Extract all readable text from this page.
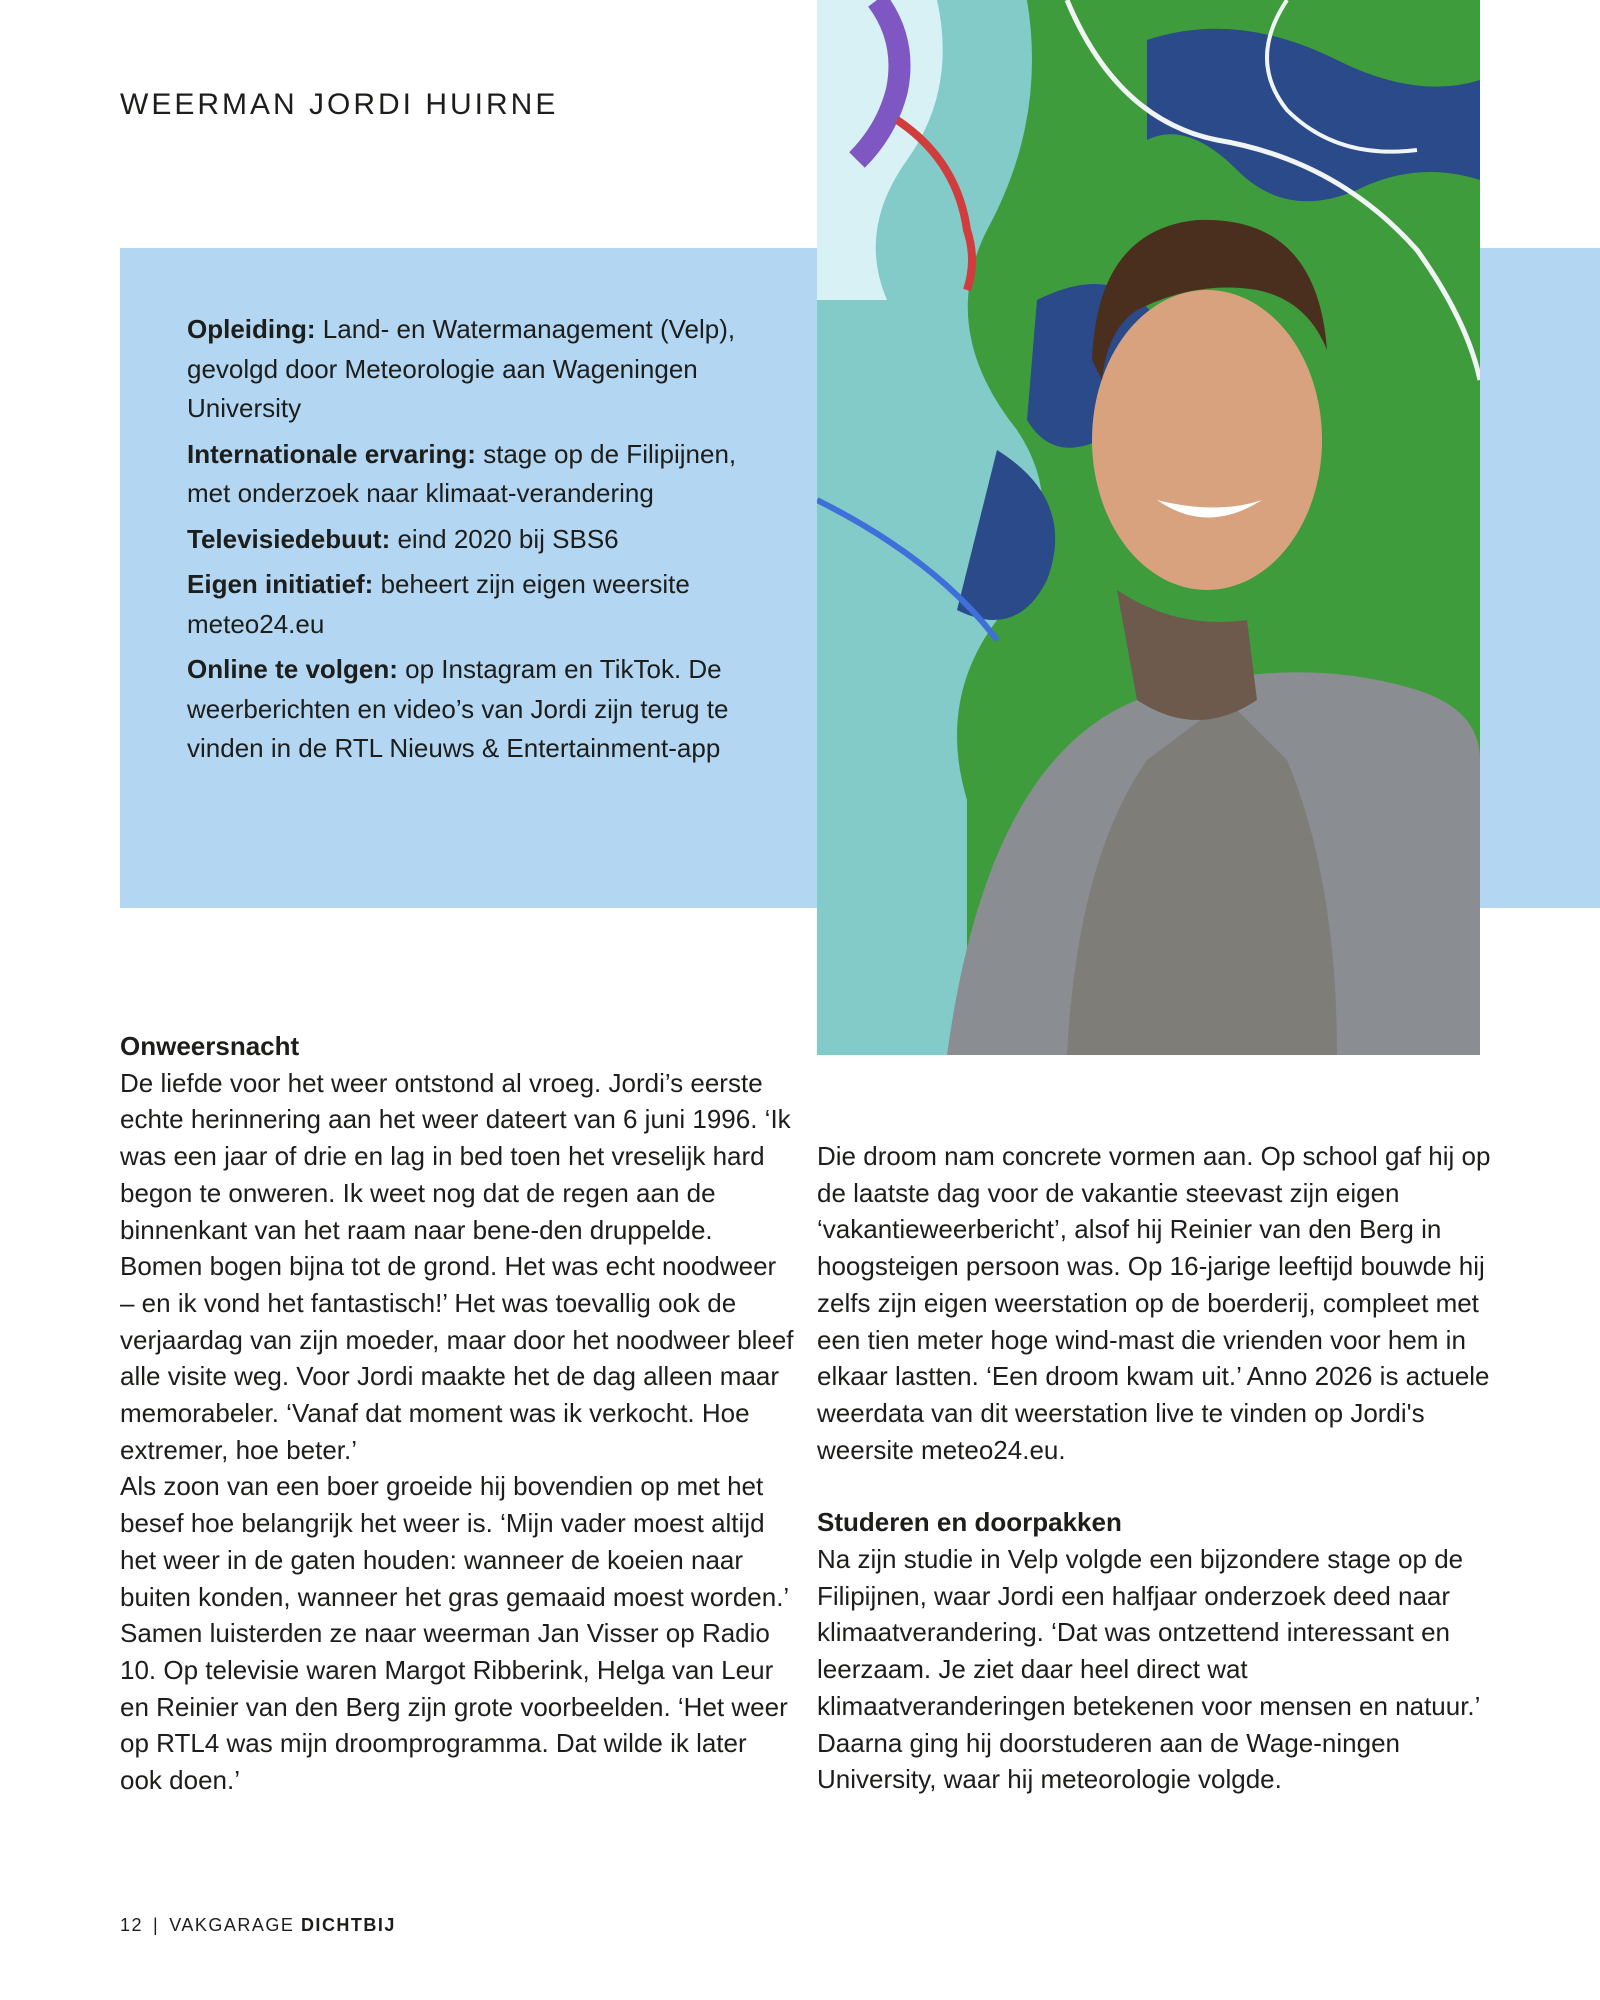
WEERMAN JORDI HUIRNE
Opleiding: Land- en Watermanagement (Velp), gevolgd door Meteorologie aan Wageningen University
Internationale ervaring: stage op de Filipijnen, met onderzoek naar klimaat-verandering
Televisiedebuut: eind 2020 bij SBS6
Eigen initiatief: beheert zijn eigen weersite meteo24.eu
Online te volgen: op Instagram en TikTok. De weerberichten en video’s van Jordi zijn terug te vinden in de RTL Nieuws & Entertainment-app
Onweersnacht

De liefde voor het weer ontstond al vroeg. Jordi’s eerste echte herinnering aan het weer dateert van 6 juni 1996. ‘Ik was een jaar of drie en lag in bed toen het vreselijk hard begon te onweren. Ik weet nog dat de regen aan de binnenkant van het raam naar bene-den druppelde. Bomen bogen bijna tot de grond. Het was echt noodweer – en ik vond het fantastisch!’ Het was toevallig ook de verjaardag van zijn moeder, maar door het noodweer bleef alle visite weg. Voor Jordi maakte het de dag alleen maar memorabeler. ‘Vanaf dat moment was ik verkocht. Hoe extremer, hoe beter.’

Als zoon van een boer groeide hij bovendien op met het besef hoe belangrijk het weer is. ‘Mijn vader moest altijd het weer in de gaten houden: wanneer de koeien naar buiten konden, wanneer het gras gemaaid moest worden.’ Samen luisterden ze naar weerman Jan Visser op Radio 10. Op televisie waren Margot Ribberink, Helga van Leur en Reinier van den Berg zijn grote voorbeelden. ‘Het weer op RTL4 was mijn droomprogramma. Dat wilde ik later ook doen.’

Die droom nam concrete vormen aan. Op school gaf hij op de laatste dag voor de vakantie steevast zijn eigen ‘vakantieweerbericht’, alsof hij Reinier van den Berg in hoogsteigen persoon was. Op 16-jarige leeftijd bouwde hij zelfs zijn eigen weerstation op de boerderij, compleet met een tien meter hoge wind-mast die vrienden voor hem in elkaar lastten. ‘Een droom kwam uit.’ Anno 2026 is actuele weerdata van dit weerstation live te vinden op Jordi's weersite meteo24.eu.

Studeren en doorpakken

Na zijn studie in Velp volgde een bijzondere stage op de Filipijnen, waar Jordi een halfjaar onderzoek deed naar klimaatverandering. ‘Dat was ontzettend interessant en leerzaam. Je ziet daar heel direct wat klimaatveranderingen betekenen voor mensen en natuur.’ Daarna ging hij doorstuderen aan de Wage-ningen University, waar hij meteorologie volgde.

12 | VAKGARAGE DICHTBIJ
